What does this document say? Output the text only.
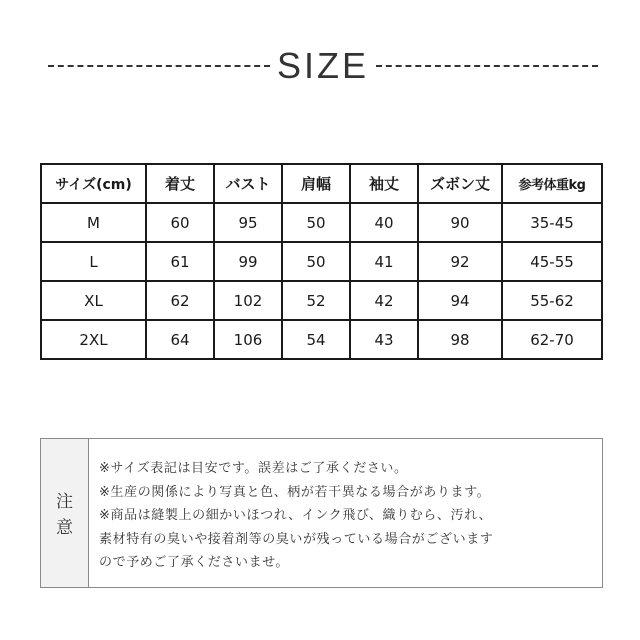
SIZE
サイズ(cm)	着丈	バスト	肩幅	袖丈	ズボン丈	参考体重kg
M	60	95	50	40	90	35-45
L	61	99	50	41	92	45-55
XL	62	102	52	42	94	55-62
2XL	64	106	54	43	98	62-70
注
意
※サイズ表記は目安です。誤差はご了承ください。
※生産の関係により写真と色、柄が若干異なる場合があります。
※商品は縫製上の細かいほつれ、インク飛び、織りむら、汚れ、
素材特有の臭いや接着剤等の臭いが残っている場合がございます
ので予めご了承くださいませ。
